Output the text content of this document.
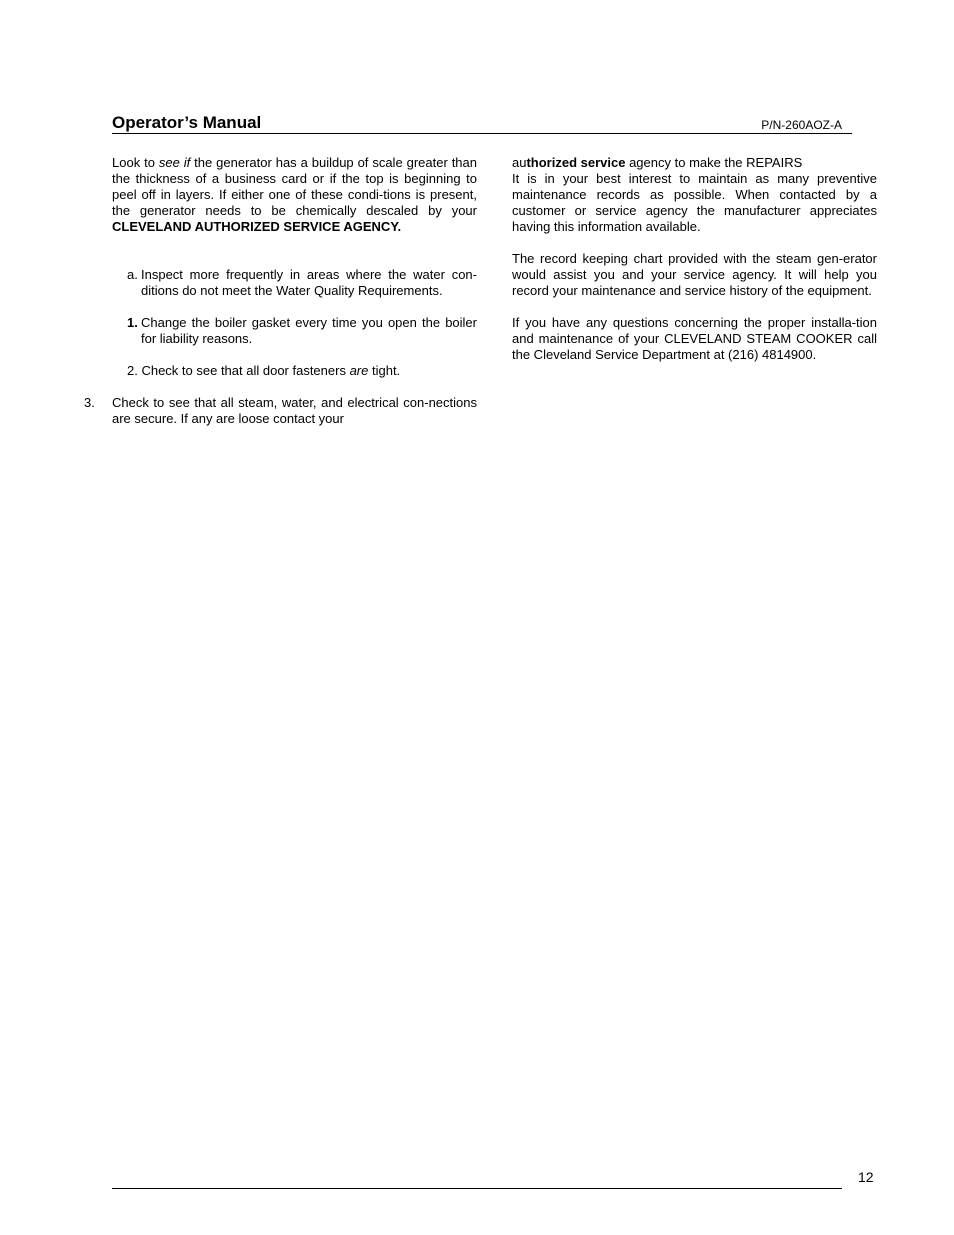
Operator’s Manual	P/N-260AOZ-A

Look to see if the generator has a buildup of scale greater than the thickness of a business card or if the top is beginning to peel off in layers. If either one of these condi-tions is present, the generator needs to be chemically descaled by your CLEVELAND AUTHORIZED SERVICE AGENCY.

a. Inspect more frequently in areas where the water con-ditions do not meet the Water Quality Requirements.
1. Change the boiler gasket every time you open the boiler for liability reasons.
2. Check to see that all door fasteners are tight.
3.	Check to see that all steam, water, and electrical con-nections are secure. If any are loose contact your

authorized service agency to make the REPAIRS

It is in your best interest to maintain as many preventive maintenance records as possible. When contacted by a customer or service agency the manufacturer appreciates having this information available.

The record keeping chart provided with the steam gen-erator would assist you and your service agency. It will help you record your maintenance and service history of the equipment.

If you have any questions concerning the proper installa-tion and maintenance of your CLEVELAND STEAM COOKER call the Cleveland Service Department at (216) 4814900.

12
